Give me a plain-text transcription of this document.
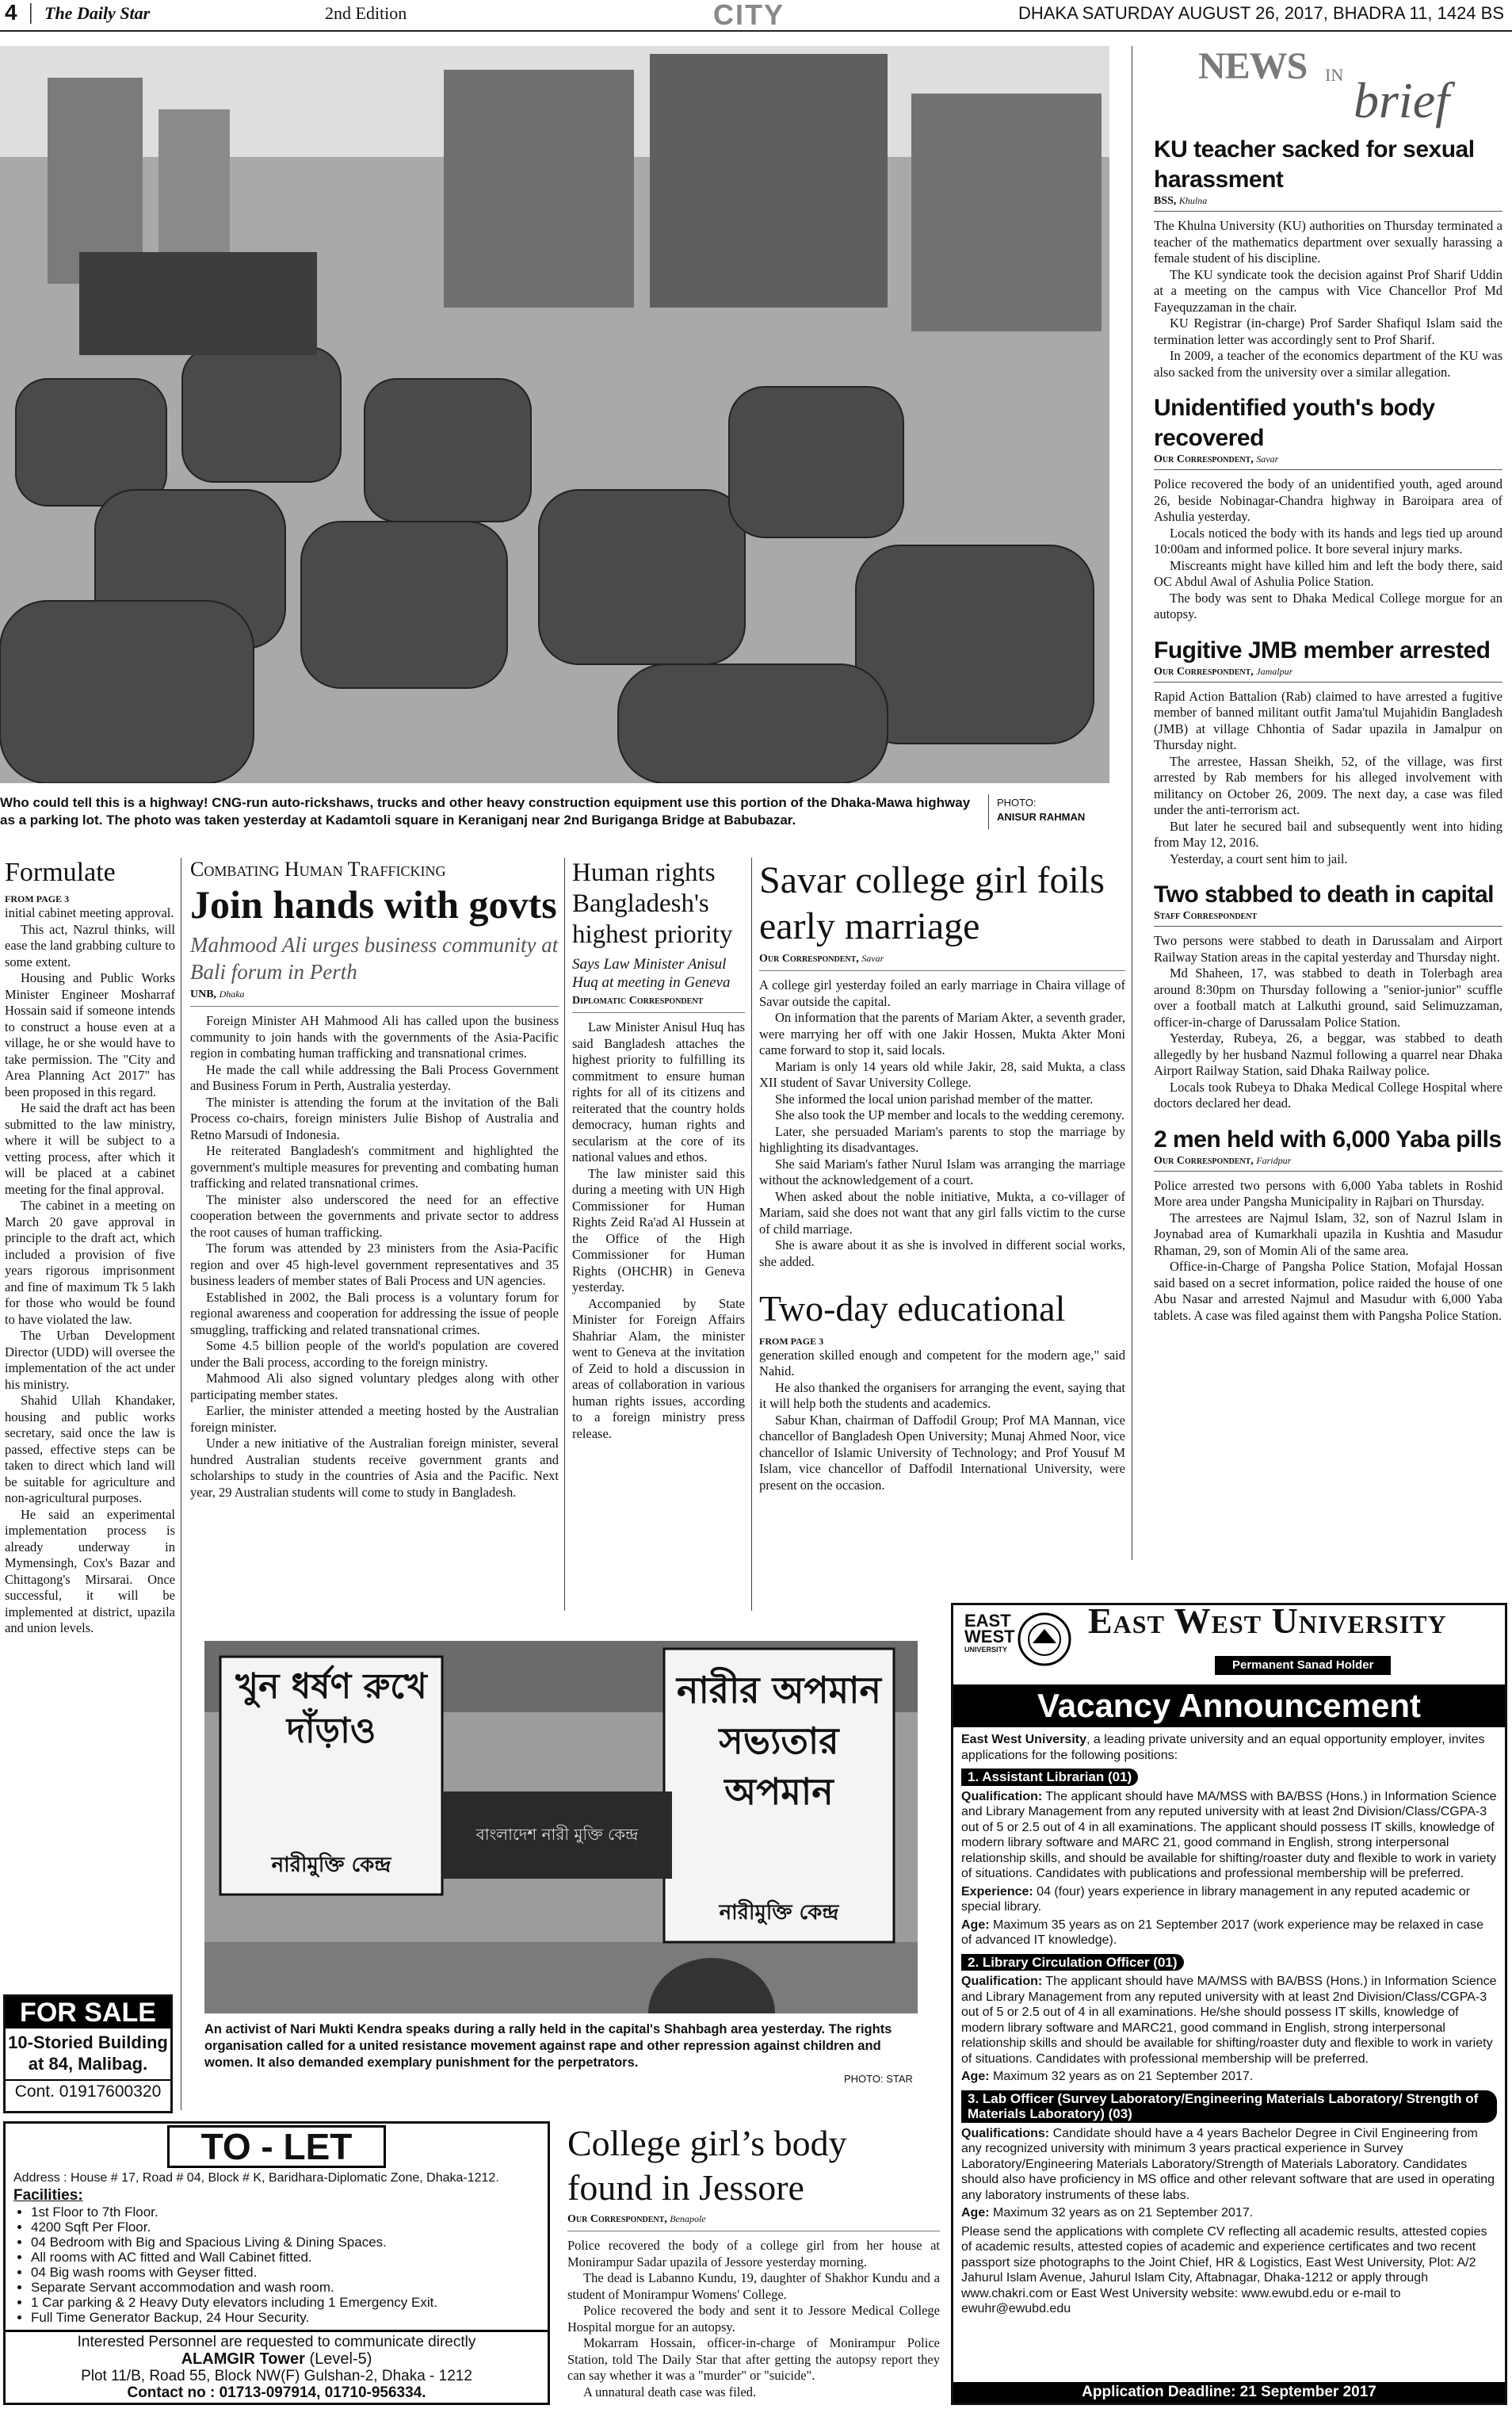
4 | The Daily Star	2nd Edition	CITY	DHAKA SATURDAY AUGUST 26, 2017, BHADRA 11, 1424 BS
Who could tell this is a highway! CNG-run auto-rickshaws, trucks and other heavy construction equipment use this portion of the Dhaka-Mawa highway as a parking lot. The photo was taken yesterday at Kadamtoli square in Keraniganj near 2nd Buriganga Bridge at Babubazar.
PHOTO:
ANISUR RAHMAN
NEWS IN brief
KU teacher sacked for sexual harassment
BSS, Khulna

The Khulna University (KU) authorities on Thursday terminated a teacher of the mathematics department over sexually harassing a female student of his discipline.

The KU syndicate took the decision against Prof Sharif Uddin at a meeting on the campus with Vice Chancellor Prof Md Fayequzzaman in the chair.

KU Registrar (in-charge) Prof Sarder Shafiqul Islam said the termination letter was accordingly sent to Prof Sharif.

In 2009, a teacher of the economics department of the KU was also sacked from the university over a similar allegation.

Unidentified youth's body recovered
Our Correspondent, Savar

Police recovered the body of an unidentified youth, aged around 26, beside Nobinagar-Chandra highway in Baroipara area of Ashulia yesterday.

Locals noticed the body with its hands and legs tied up around 10:00am and informed police. It bore several injury marks.

Miscreants might have killed him and left the body there, said OC Abdul Awal of Ashulia Police Station.

The body was sent to Dhaka Medical College morgue for an autopsy.

Fugitive JMB member arrested
Our Correspondent, Jamalpur

Rapid Action Battalion (Rab) claimed to have arrested a fugitive member of banned militant outfit Jama'tul Mujahidin Bangladesh (JMB) at village Chhontia of Sadar upazila in Jamalpur on Thursday night.

The arrestee, Hassan Sheikh, 52, of the village, was first arrested by Rab members for his alleged involvement with militancy on October 26, 2009. The next day, a case was filed under the anti-terrorism act.

But later he secured bail and subsequently went into hiding from May 12, 2016.

Yesterday, a court sent him to jail.

Two stabbed to death in capital
Staff Correspondent

Two persons were stabbed to death in Darussalam and Airport Railway Station areas in the capital yesterday and Thursday night.

Md Shaheen, 17, was stabbed to death in Tolerbagh area around 8:30pm on Thursday following a "senior-junior" scuffle over a football match at Lalkuthi ground, said Selimuzzaman, officer-in-charge of Darussalam Police Station.

Yesterday, Rubeya, 26, a beggar, was stabbed to death allegedly by her husband Nazmul following a quarrel near Dhaka Airport Railway Station, said Dhaka Railway police.

Locals took Rubeya to Dhaka Medical College Hospital where doctors declared her dead.

2 men held with 6,000 Yaba pills
Our Correspondent, Faridpur

Police arrested two persons with 6,000 Yaba tablets in Roshid More area under Pangsha Municipality in Rajbari on Thursday.

The arrestees are Najmul Islam, 32, son of Nazrul Islam in Joynabad area of Kumarkhali upazila in Kushtia and Masudur Rhaman, 29, son of Momin Ali of the same area.

Office-in-Charge of Pangsha Police Station, Mofajal Hossan said based on a secret information, police raided the house of one Abu Nasar and arrested Najmul and Masudur with 6,000 Yaba tablets. A case was filed against them with Pangsha Police Station.

Formulate
FROM PAGE 3

initial cabinet meeting approval.

This act, Nazrul thinks, will ease the land grabbing culture to some extent.

Housing and Public Works Minister Engineer Mosharraf Hossain said if someone intends to construct a house even at a village, he or she would have to take permission. The "City and Area Planning Act 2017" has been proposed in this regard.

He said the draft act has been submitted to the law ministry, where it will be subject to a vetting process, after which it will be placed at a cabinet meeting for the final approval.

The cabinet in a meeting on March 20 gave approval in principle to the draft act, which included a provision of five years rigorous imprisonment and fine of maximum Tk 5 lakh for those who would be found to have violated the law.

The Urban Development Director (UDD) will oversee the implementation of the act under his ministry.

Shahid Ullah Khandaker, housing and public works secretary, said once the law is passed, effective steps can be taken to direct which land will be suitable for agriculture and non-agricultural purposes.

He said an experimental implementation process is already underway in Mymensingh, Cox's Bazar and Chittagong's Mirsarai. Once successful, it will be implemented at district, upazila and union levels.

Combating Human Trafficking
Join hands with govts
Mahmood Ali urges business community at Bali forum in Perth
UNB, Dhaka

Foreign Minister AH Mahmood Ali has called upon the business community to join hands with the governments of the Asia-Pacific region in combating human trafficking and transnational crimes.

He made the call while addressing the Bali Process Government and Business Forum in Perth, Australia yesterday.

The minister is attending the forum at the invitation of the Bali Process co-chairs, foreign ministers Julie Bishop of Australia and Retno Marsudi of Indonesia.

He reiterated Bangladesh's commitment and highlighted the government's multiple measures for preventing and combating human trafficking and related transnational crimes.

The minister also underscored the need for an effective cooperation between the governments and private sector to address the root causes of human trafficking.

The forum was attended by 23 ministers from the Asia-Pacific region and over 45 high-level government representatives and 35 business leaders of member states of Bali Process and UN agencies.

Established in 2002, the Bali process is a voluntary forum for regional awareness and cooperation for addressing the issue of people smuggling, trafficking and related transnational crimes.

Some 4.5 billion people of the world's population are covered under the Bali process, according to the foreign ministry.

Mahmood Ali also signed voluntary pledges along with other participating member states.

Earlier, the minister attended a meeting hosted by the Australian foreign minister.

Under a new initiative of the Australian foreign minister, several hundred Australian students receive government grants and scholarships to study in the countries of Asia and the Pacific. Next year, 29 Australian students will come to study in Bangladesh.

Human rights Bangladesh's highest priority
Says Law Minister Anisul Huq at meeting in Geneva
Diplomatic Correspondent

Law Minister Anisul Huq has said Bangladesh attaches the highest priority to fulfilling its commitment to ensure human rights for all of its citizens and reiterated that the country holds democracy, human rights and secularism at the core of its national values and ethos.

The law minister said this during a meeting with UN High Commissioner for Human Rights Zeid Ra'ad Al Hussein at the Office of the High Commissioner for Human Rights (OHCHR) in Geneva yesterday.

Accompanied by State Minister for Foreign Affairs Shahriar Alam, the minister went to Geneva at the invitation of Zeid to hold a discussion in areas of collaboration in various human rights issues, according to a foreign ministry press release.

Savar college girl foils early marriage
Our Correspondent, Savar

A college girl yesterday foiled an early marriage in Chaira village of Savar outside the capital.

On information that the parents of Mariam Akter, a seventh grader, were marrying her off with one Jakir Hossen, Mukta Akter Moni came forward to stop it, said locals.

Mariam is only 14 years old while Jakir, 28, said Mukta, a class XII student of Savar University College.

She informed the local union parishad member of the matter.

She also took the UP member and locals to the wedding ceremony.

Later, she persuaded Mariam's parents to stop the marriage by highlighting its disadvantages.

She said Mariam's father Nurul Islam was arranging the marriage without the acknowledgement of a court.

When asked about the noble initiative, Mukta, a co-villager of Mariam, said she does not want that any girl falls victim to the curse of child marriage.

She is aware about it as she is involved in different social works, she added.

Two-day educational
FROM PAGE 3

generation skilled enough and competent for the modern age," said Nahid.

He also thanked the organisers for arranging the event, saying that it will help both the students and academics.

Sabur Khan, chairman of Daffodil Group; Prof MA Mannan, vice chancellor of Bangladesh Open University; Munaj Ahmed Noor, vice chancellor of Islamic University of Technology; and Prof Yousuf M Islam, vice chancellor of Daffodil International University, were present on the occasion.

খুন ধর্ষণ রুখে দাঁড়াও
নারীমুক্তি কেন্দ্র
নারীর অপমান সভ্যতার অপমান
নারীমুক্তি কেন্দ্র
বাংলাদেশ নারী মুক্তি কেন্দ্র
An activist of Nari Mukti Kendra speaks during a rally held in the capital's Shahbagh area yesterday. The rights organisation called for a united resistance movement against rape and other repression against children and women. It also demanded exemplary punishment for the perpetrators.
PHOTO: STAR
FOR SALE
10-Storied Building
at 84, Malibag.
Cont. 01917600320
TO - LET
Address : House # 17, Road # 04, Block # K, Baridhara-Diplomatic Zone, Dhaka-1212.
Facilities:
• 1st Floor to 7th Floor.
• 4200 Sqft Per Floor.
• 04 Bedroom with Big and Spacious Living & Dining Spaces.
• All rooms with AC fitted and Wall Cabinet fitted.
• 04 Big wash rooms with Geyser fitted.
• Separate Servant accommodation and wash room.
• 1 Car parking & 2 Heavy Duty elevators including 1 Emergency Exit.
• Full Time Generator Backup, 24 Hour Security.
Interested Personnel are requested to communicate directly
ALAMGIR Tower (Level-5)
Plot 11/B, Road 55, Block NW(F) Gulshan-2, Dhaka - 1212
Contact no : 01713-097914, 01710-956334.
College girl’s body found in Jessore
Our Correspondent, Benapole

Police recovered the body of a college girl from her house at Monirampur Sadar upazila of Jessore yesterday morning.

The dead is Labanno Kundu, 19, daughter of Shakhor Kundu and a student of Monirampur Womens' College.

Police recovered the body and sent it to Jessore Medical College Hospital morgue for an autopsy.

Mokarram Hossain, officer-in-charge of Monirampur Police Station, told The Daily Star that after getting the autopsy report they can say whether it was a "murder" or "suicide".

A unnatural death case was filed.

EAST
WEST
UNIVERSITY
East West University
Permanent Sanad Holder
Vacancy Announcement

East West University, a leading private university and an equal opportunity employer, invites applications for the following positions:

1. Assistant Librarian (01)

Qualification: The applicant should have MA/MSS with BA/BSS (Hons.) in Information Science and Library Management from any reputed university with at least 2nd Division/Class/CGPA-3 out of 5 or 2.5 out of 4 in all examinations. The applicant should possess IT skills, knowledge of modern library software and MARC 21, good command in English, strong interpersonal relationship skills, and should be available for shifting/roaster duty and flexible to work in variety of situations. Candidates with publications and professional membership will be preferred.

Experience: 04 (four) years experience in library management in any reputed academic or special library.

Age: Maximum 35 years as on 21 September 2017 (work experience may be relaxed in case of advanced IT knowledge).

2. Library Circulation Officer (01)

Qualification: The applicant should have MA/MSS with BA/BSS (Hons.) in Information Science and Library Management from any reputed university with at least 2nd Division/Class/CGPA-3 out of 5 or 2.5 out of 4 in all examinations. He/she should possess IT skills, knowledge of modern library software and MARC21, good command in English, strong interpersonal relationship skills and should be available for shifting/roaster duty and flexible to work in variety of situations. Candidates with professional membership will be preferred.

Age: Maximum 32 years as on 21 September 2017.

3. Lab Officer (Survey Laboratory/Engineering Materials Laboratory/ Strength of Materials Laboratory) (03)

Qualifications: Candidate should have a 4 years Bachelor Degree in Civil Engineering from any recognized university with minimum 3 years practical experience in Survey Laboratory/Engineering Materials Laboratory/Strength of Materials Laboratory. Candidates should also have proficiency in MS office and other relevant software that are used in operating any laboratory instruments of these labs.

Age: Maximum 32 years as on 21 September 2017.

Please send the applications with complete CV reflecting all academic results, attested copies of academic results, attested copies of academic and experience certificates and two recent passport size photographs to the Joint Chief, HR & Logistics, East West University, Plot: A/2 Jahurul Islam Avenue, Jahurul Islam City, Aftabnagar, Dhaka-1212 or apply through www.chakri.com or East West University website: www.ewubd.edu or e-mail to ewuhr@ewubd.edu

Application Deadline: 21 September 2017
